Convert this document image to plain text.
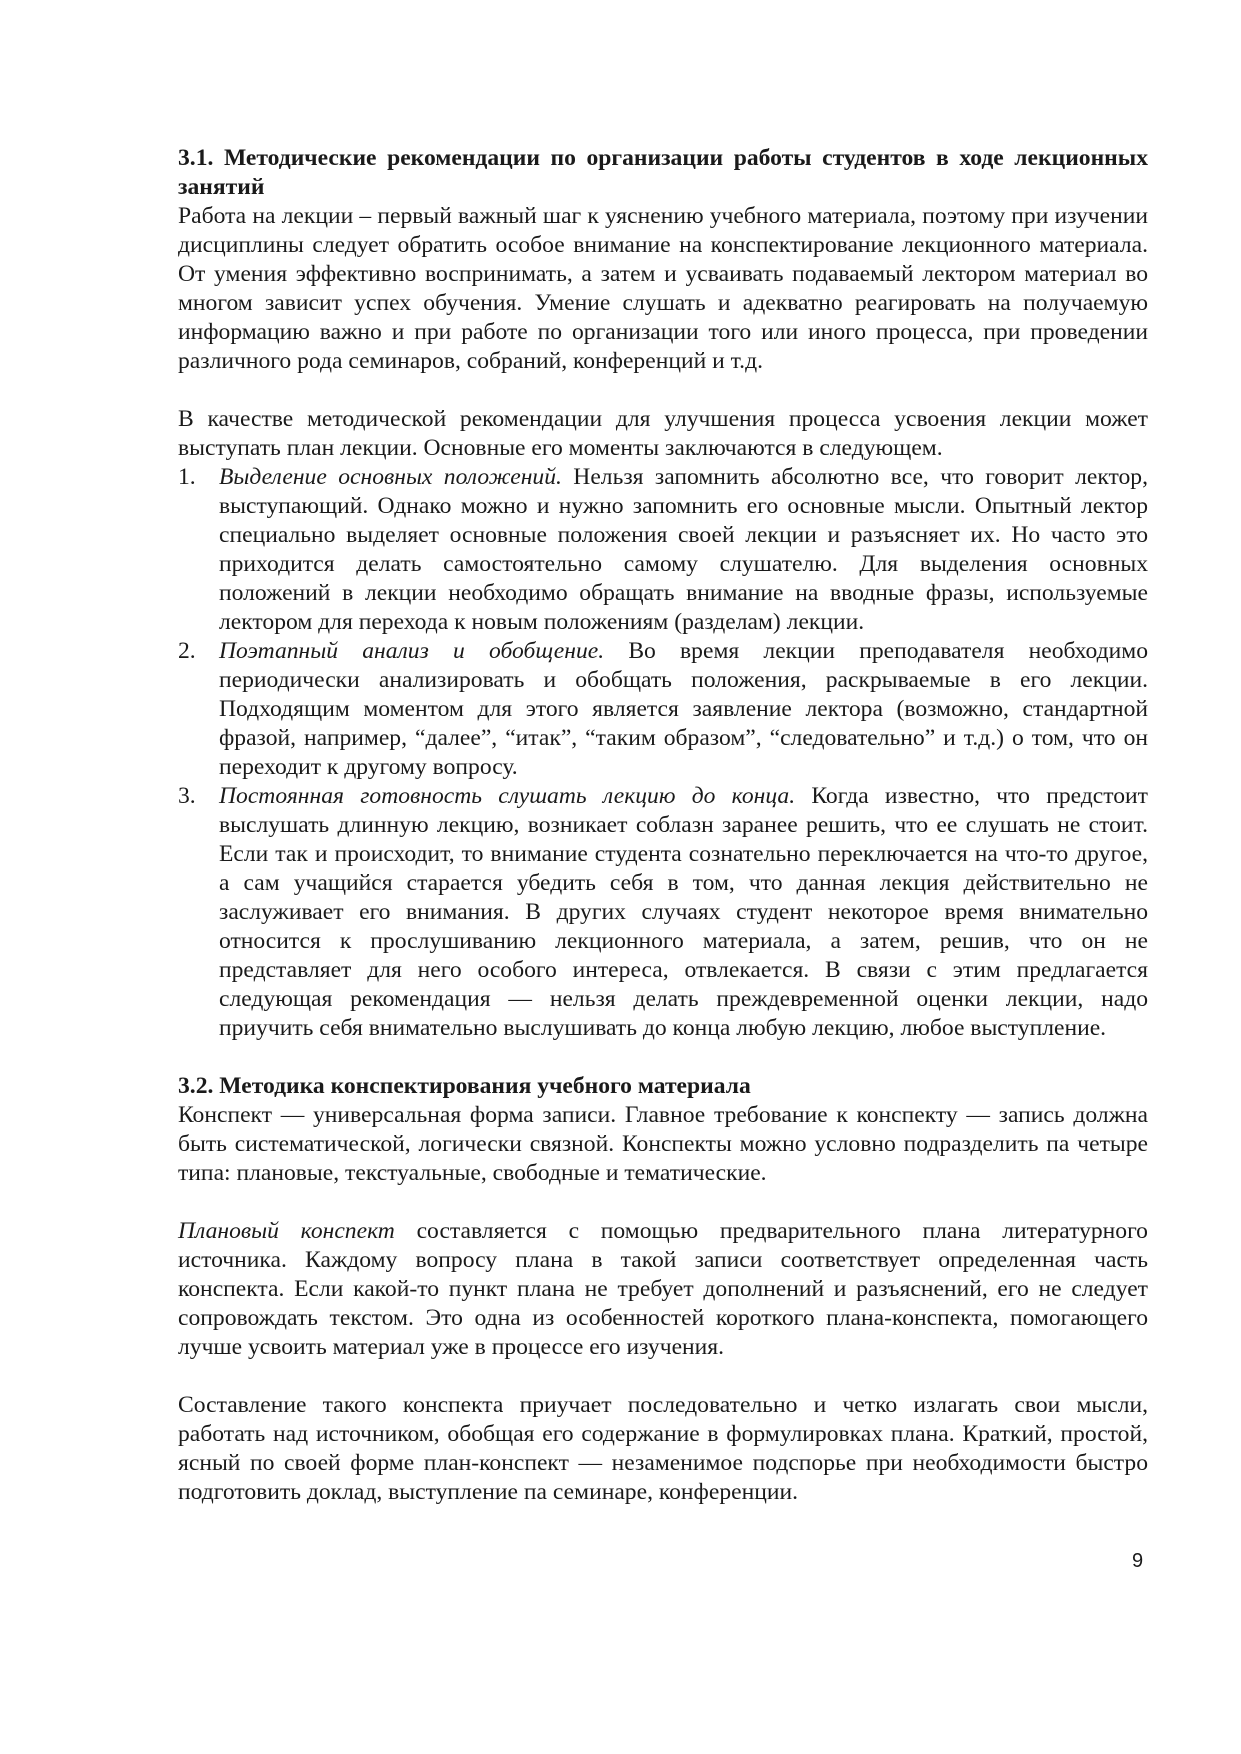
3.1. Методические рекомендации по организации работы студентов в ходе лекционных занятий

Работа на лекции – первый важный шаг к уяснению учебного материала, поэтому при изучении дисциплины следует обратить особое внимание на конспектирование лекционного материала. От умения эффективно воспринимать, а затем и усваивать подаваемый лектором материал во многом зависит успех обучения. Умение слушать и адекватно реагировать на получаемую информацию важно и при работе по организации того или иного процесса, при проведении различного рода семинаров, собраний, конференций и т.д.

В качестве методической рекомендации для улучшения процесса усвоения лекции может выступать план лекции. Основные его моменты заключаются в следующем.

1. Выделение основных положений. Нельзя запомнить абсолютно все, что говорит лектор, выступающий. Однако можно и нужно запомнить его основные мысли. Опытный лектор специально выделяет основные положения своей лекции и разъясняет их. Но часто это приходится делать самостоятельно самому слушателю. Для выделения основных положений в лекции необходимо обращать внимание на вводные фразы, используемые лектором для перехода к новым положениям (разделам) лекции.
2. Поэтапный анализ и обобщение. Во время лекции преподавателя необходимо периодически анализировать и обобщать положения, раскрываемые в его лекции. Подходящим моментом для этого является заявление лектора (возможно, стандартной фразой, например, “далее”, “итак”, “таким образом”, “следовательно” и т.д.) о том, что он переходит к другому вопросу.
3. Постоянная готовность слушать лекцию до конца. Когда известно, что предстоит выслушать длинную лекцию, возникает соблазн заранее решить, что ее слушать не стоит. Если так и происходит, то внимание студента сознательно переключается на что-то другое, а сам учащийся старается убедить себя в том, что данная лекция действительно не заслуживает его внимания. В других случаях студент некоторое время внимательно относится к прослушиванию лекционного материала, а затем, решив, что он не представляет для него особого интереса, отвлекается. В связи с этим предлагается следующая рекомендация — нельзя делать преждевременной оценки лекции, надо приучить себя внимательно выслушивать до конца любую лекцию, любое выступление.

3.2. Методика конспектирования учебного материала

Конспект — универсальная форма записи. Главное требование к конспекту — запись должна быть систематической, логически связной. Конспекты можно условно подразделить па четыре типа: плановые, текстуальные, свободные и тематические.

Плановый конспект составляется с помощью предварительного плана литературного источника. Каждому вопросу плана в такой записи соответствует определенная часть конспекта. Если какой-то пункт плана не требует дополнений и разъяснений, его не следует сопровождать текстом. Это одна из особенностей короткого плана-конспекта, помогающего лучше усвоить материал уже в процессе его изучения.

Составление такого конспекта приучает последовательно и четко излагать свои мысли, работать над источником, обобщая его содержание в формулировках плана. Краткий, простой, ясный по своей форме план-конспект — незаменимое подспорье при необходимости быстро подготовить доклад, выступление па семинаре, конференции.

9
